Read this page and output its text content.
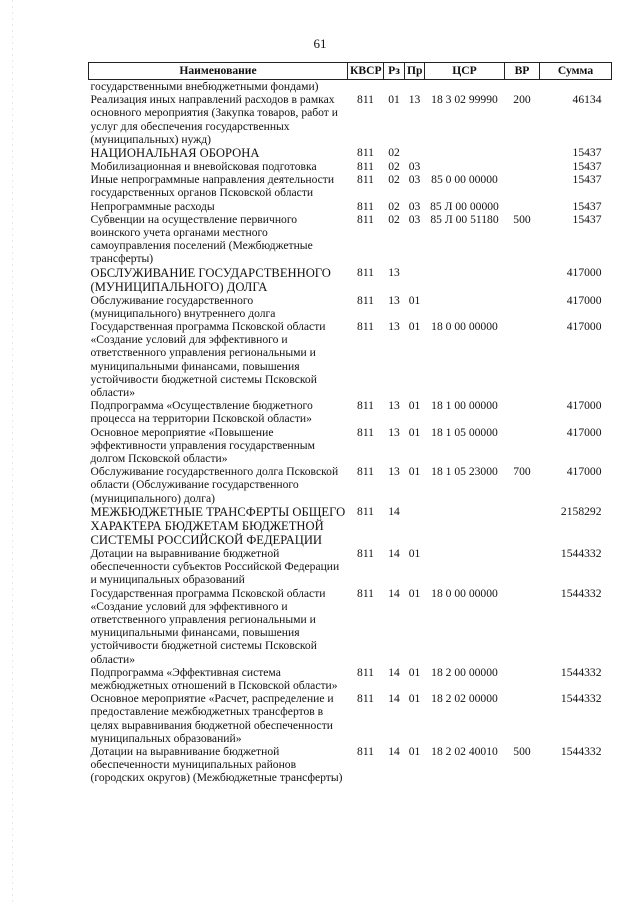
61
Наименование	КВСР	Рз	Пр	ЦСР	ВР	Сумма
государственными внебюджетными фондами)						
Реализация иных направлений расходов в рамках основного мероприятия (Закупка товаров, работ и услуг для обеспечения государственных (муниципальных) нужд)	811	01	13	18 3 02 99990	200	46134
НАЦИОНАЛЬНАЯ ОБОРОНА	811	02				15437
Мобилизационная и вневойсковая подготовка	811	02	03			15437
Иные непрограммные направления деятельности государственных органов Псковской области	811	02	03	85 0 00 00000		15437
Непрограммные расходы	811	02	03	85 Л 00 00000		15437
Субвенции на осуществление первичного воинского учета органами местного самоуправления поселений (Межбюджетные трансферты)	811	02	03	85 Л 00 51180	500	15437
ОБСЛУЖИВАНИЕ ГОСУДАРСТВЕННОГО (МУНИЦИПАЛЬНОГО) ДОЛГА	811	13				417000
Обслуживание государственного (муниципального) внутреннего долга	811	13	01			417000
Государственная программа Псковской области «Создание условий для эффективного и ответственного управления региональными и муниципальными финансами, повышения устойчивости бюджетной системы Псковской области»	811	13	01	18 0 00 00000		417000
Подпрограмма «Осуществление бюджетного процесса на территории Псковской области»	811	13	01	18 1 00 00000		417000
Основное мероприятие «Повышение эффективности управления государственным долгом Псковской области»	811	13	01	18 1 05 00000		417000
Обслуживание государственного долга Псковской области (Обслуживание государственного (муниципального) долга)	811	13	01	18 1 05 23000	700	417000
МЕЖБЮДЖЕТНЫЕ ТРАНСФЕРТЫ ОБЩЕГО ХАРАКТЕРА БЮДЖЕТАМ БЮДЖЕТНОЙ СИСТЕМЫ РОССИЙСКОЙ ФЕДЕРАЦИИ	811	14				2158292
Дотации на выравнивание бюджетной обеспеченности субъектов Российской Федерации и муниципальных образований	811	14	01			1544332
Государственная программа Псковской области «Создание условий для эффективного и ответственного управления региональными и муниципальными финансами, повышения устойчивости бюджетной системы Псковской области»	811	14	01	18 0 00 00000		1544332
Подпрограмма «Эффективная система межбюджетных отношений в Псковской области»	811	14	01	18 2 00 00000		1544332
Основное мероприятие «Расчет, распределение и предоставление межбюджетных трансфертов в целях выравнивания бюджетной обеспеченности муниципальных образований»	811	14	01	18 2 02 00000		1544332
Дотации на выравнивание бюджетной обеспеченности муниципальных районов (городских округов) (Межбюджетные трансферты)	811	14	01	18 2 02 40010	500	1544332
